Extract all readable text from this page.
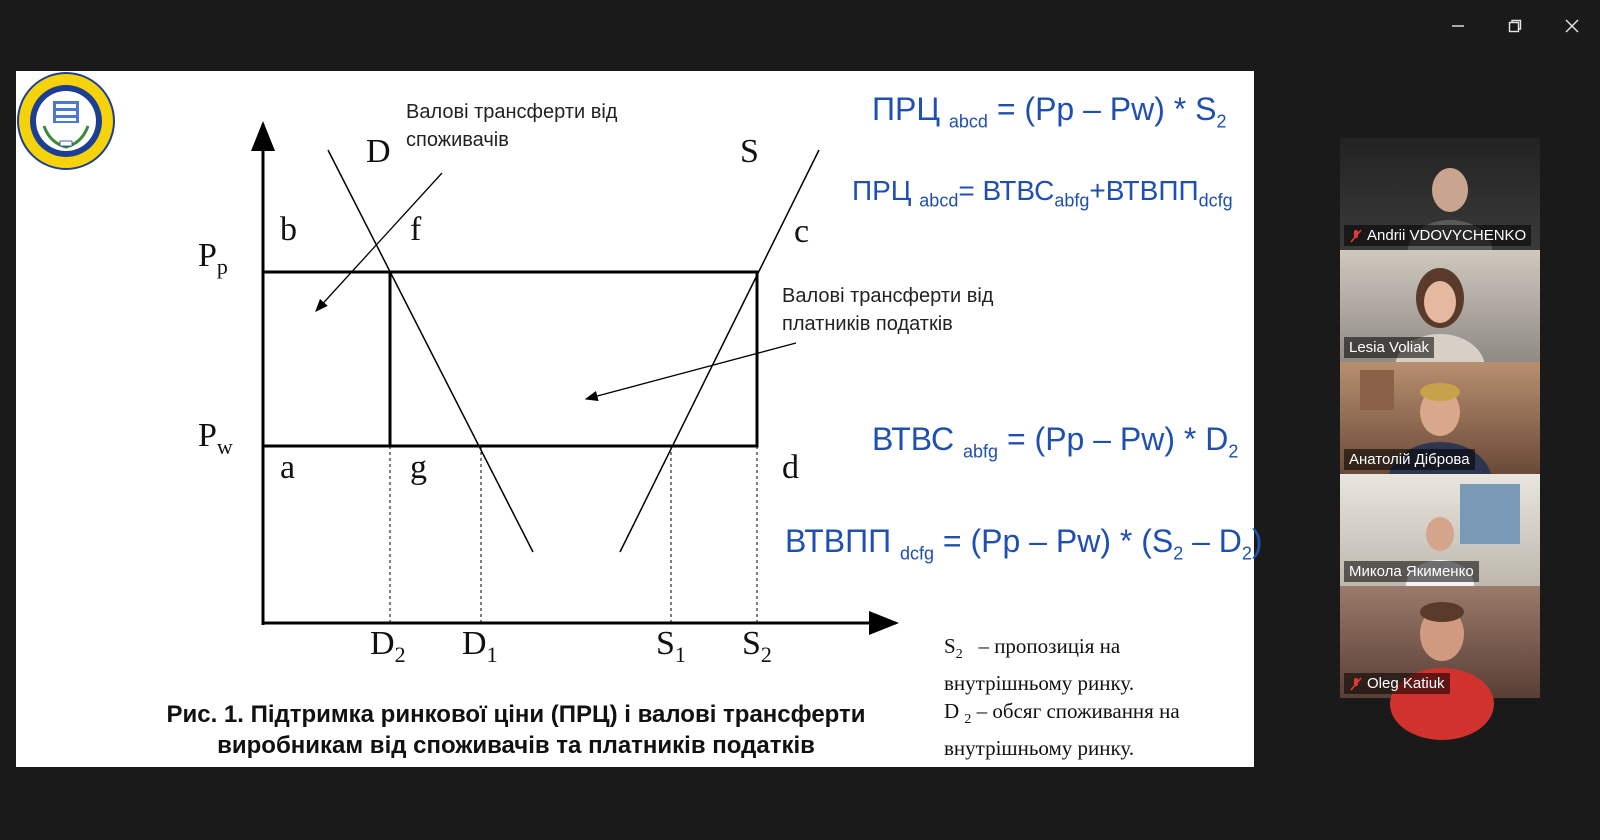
ПРЦ $_{abcd} = (Pp - Pw) * S_2$
ПРЦ $_{abcd}= ВТВС_{abfg}+ВТВПП_{dcfg}$
ВТВС $_{abfg} = (Pp - Pw) * D_2$
ВТВПП $_{dcfg} = (Pp - Pw) * (S_2 - D_2)$
Валові трансферти від споживачів
Валові трансферти від платників податків
D	S
b	f	c
a	g	d
$P_p$
$P_w$
$D_2$ $D_1$	$S_1$ $S_2$	$S_2$   – пропозиція на
внутрішньому ринку.
D $_2$ – обсяг споживання на
внутрішньому ринку.
Рис. 1. Підтримка ринкової ціни (ПРЦ) і валові трансферти
виробникам від споживачів та платників податків
Andrii VDOVYCHENKO
Lesia Voliak
Анатолій Діброва
Микола Якименко
Oleg Katiuk
